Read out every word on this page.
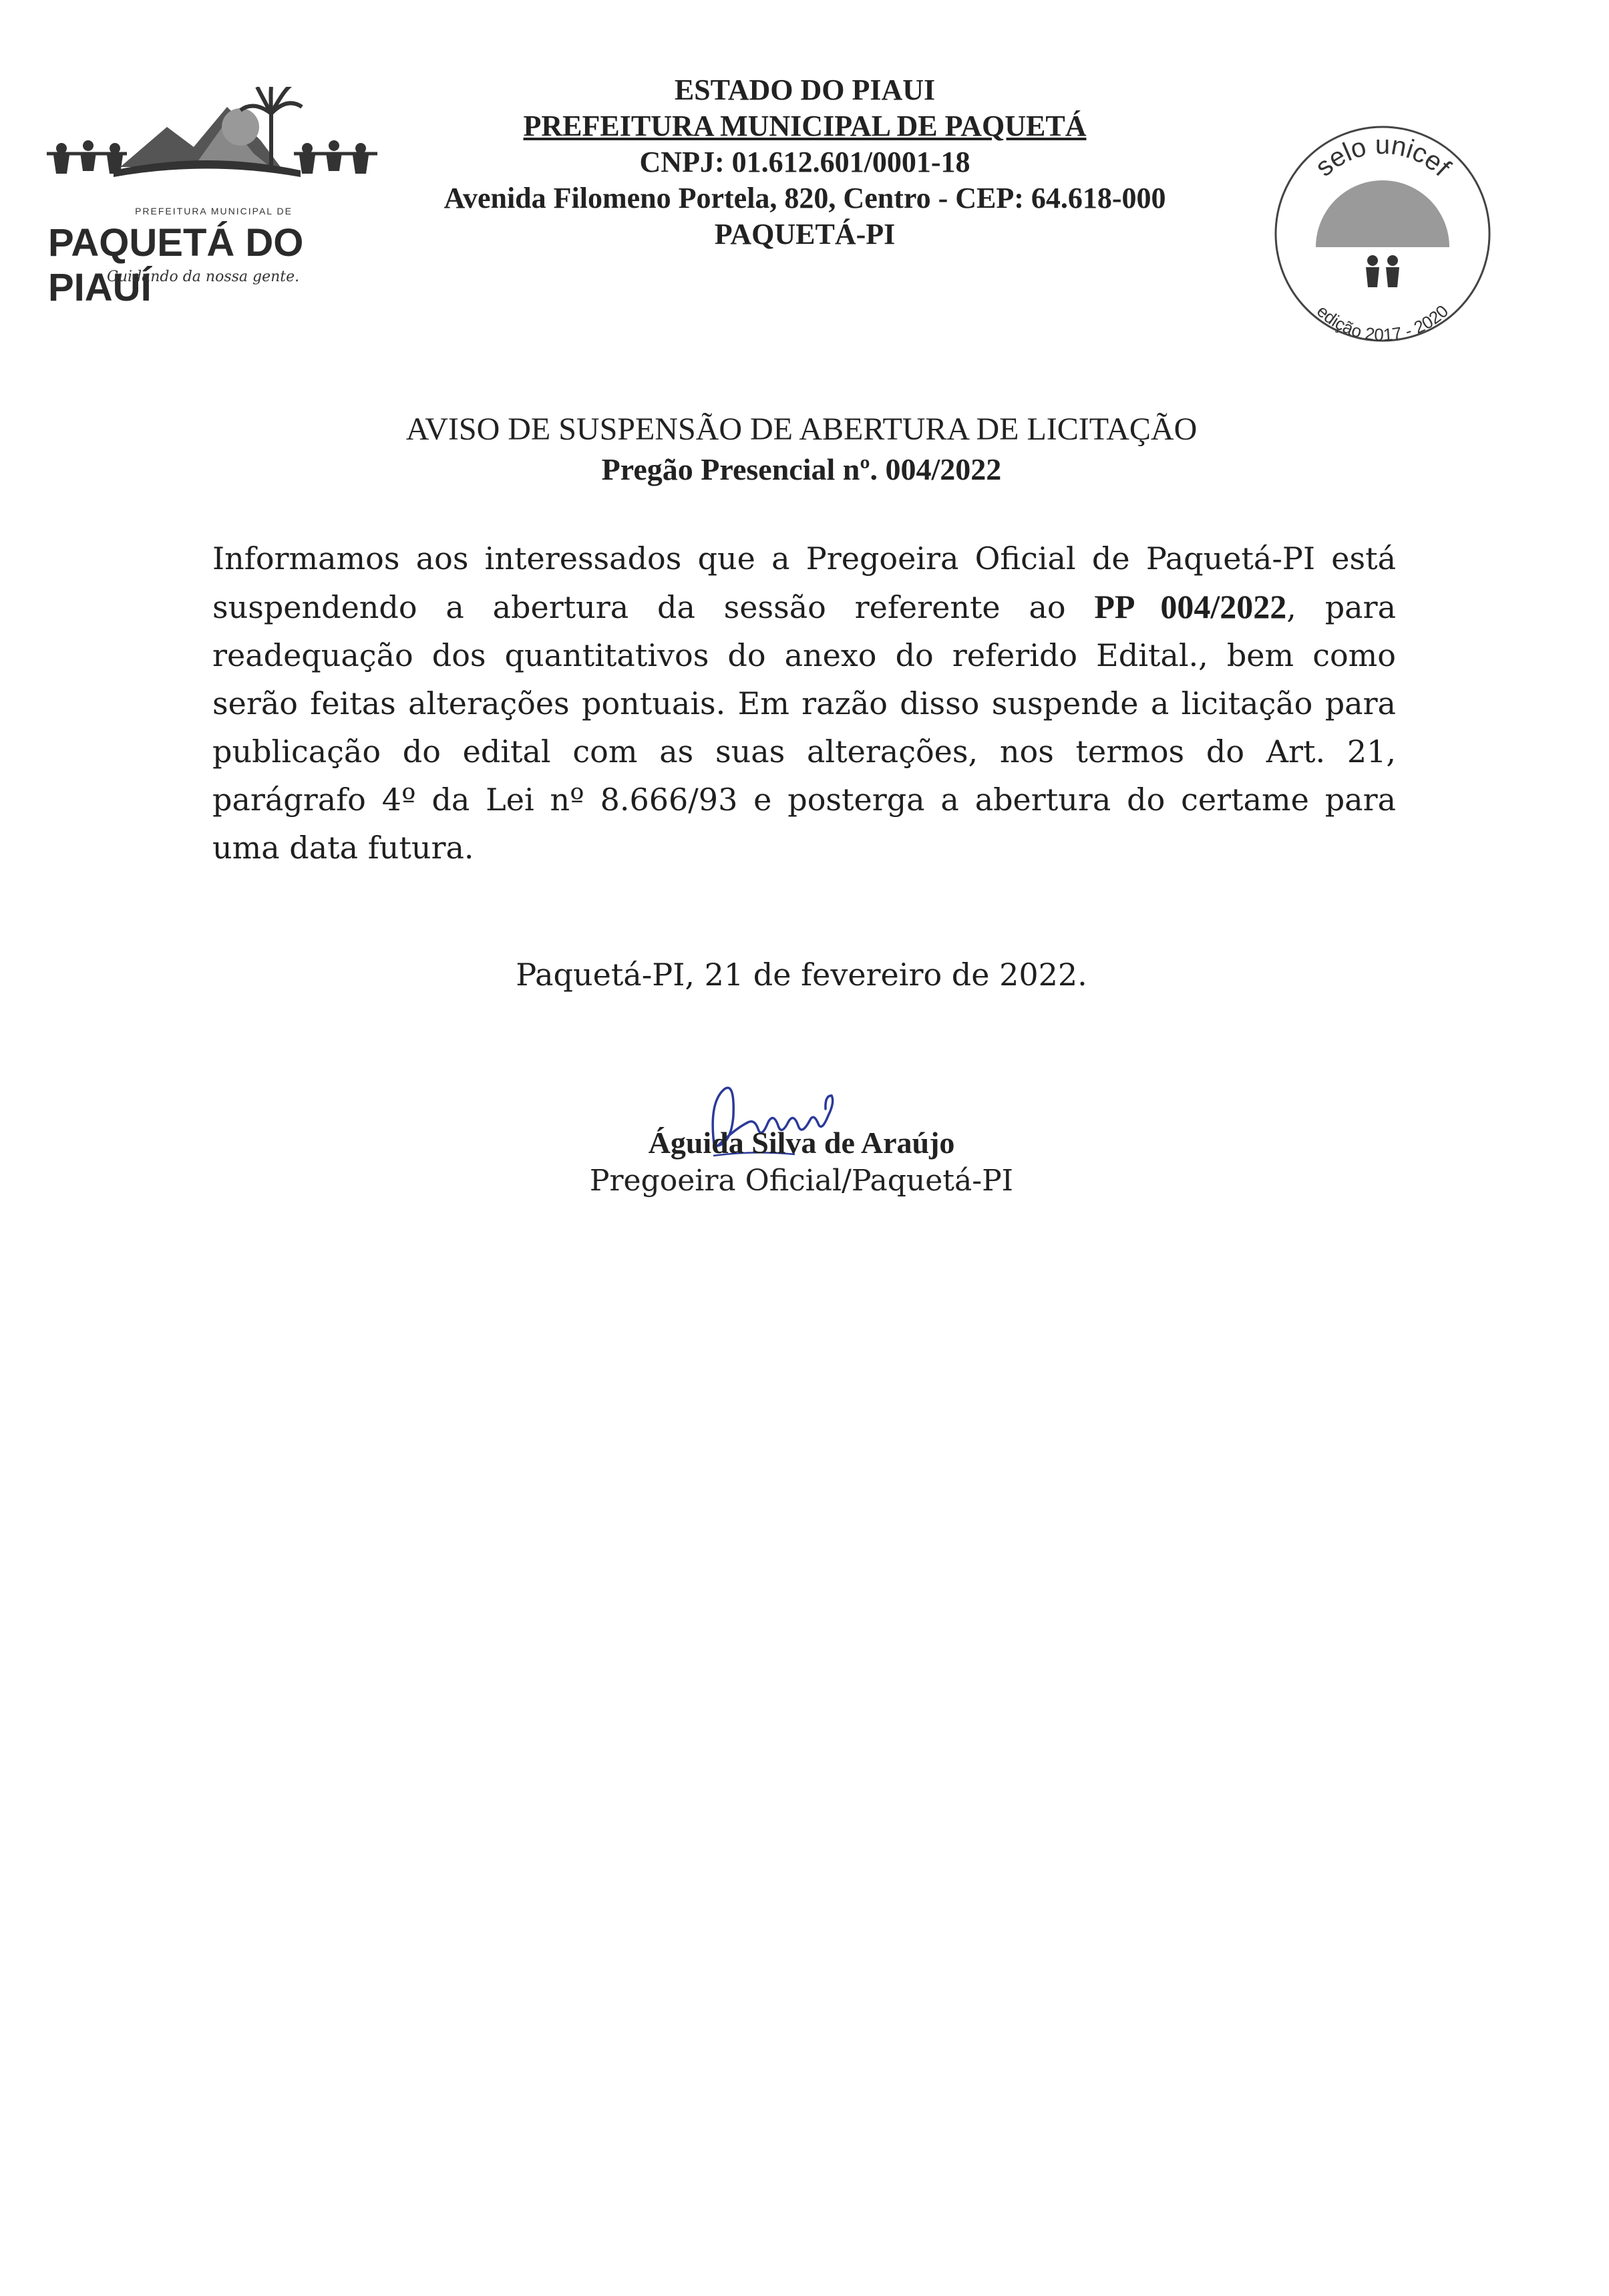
PREFEITURA MUNICIPAL DE
PAQUETÁ DO PIAUÍ
Cuidando da nossa gente.
ESTADO DO PIAUI
PREFEITURA MUNICIPAL DE PAQUETÁ
CNPJ: 01.612.601/0001-18
Avenida Filomeno Portela, 820, Centro - CEP: 64.618-000
PAQUETÁ-PI
selo unicef
edição 2017 - 2020
AVISO DE SUSPENSÃO DE ABERTURA DE LICITAÇÃO
Pregão Presencial nº. 004/2022
Informamos aos interessados que a Pregoeira Oficial de Paquetá-PI está suspendendo a abertura da sessão referente ao PP 004/2022, para readequação dos quantitativos do anexo do referido Edital., bem como serão feitas alterações pontuais. Em razão disso suspende a licitação para publicação do edital com as suas alterações, nos termos do Art. 21, parágrafo 4º da Lei nº 8.666/93 e posterga a abertura do certame para uma data futura.
Paquetá-PI, 21 de fevereiro de 2022.
Águida Silva de Araújo
Pregoeira Oficial/Paquetá-PI
